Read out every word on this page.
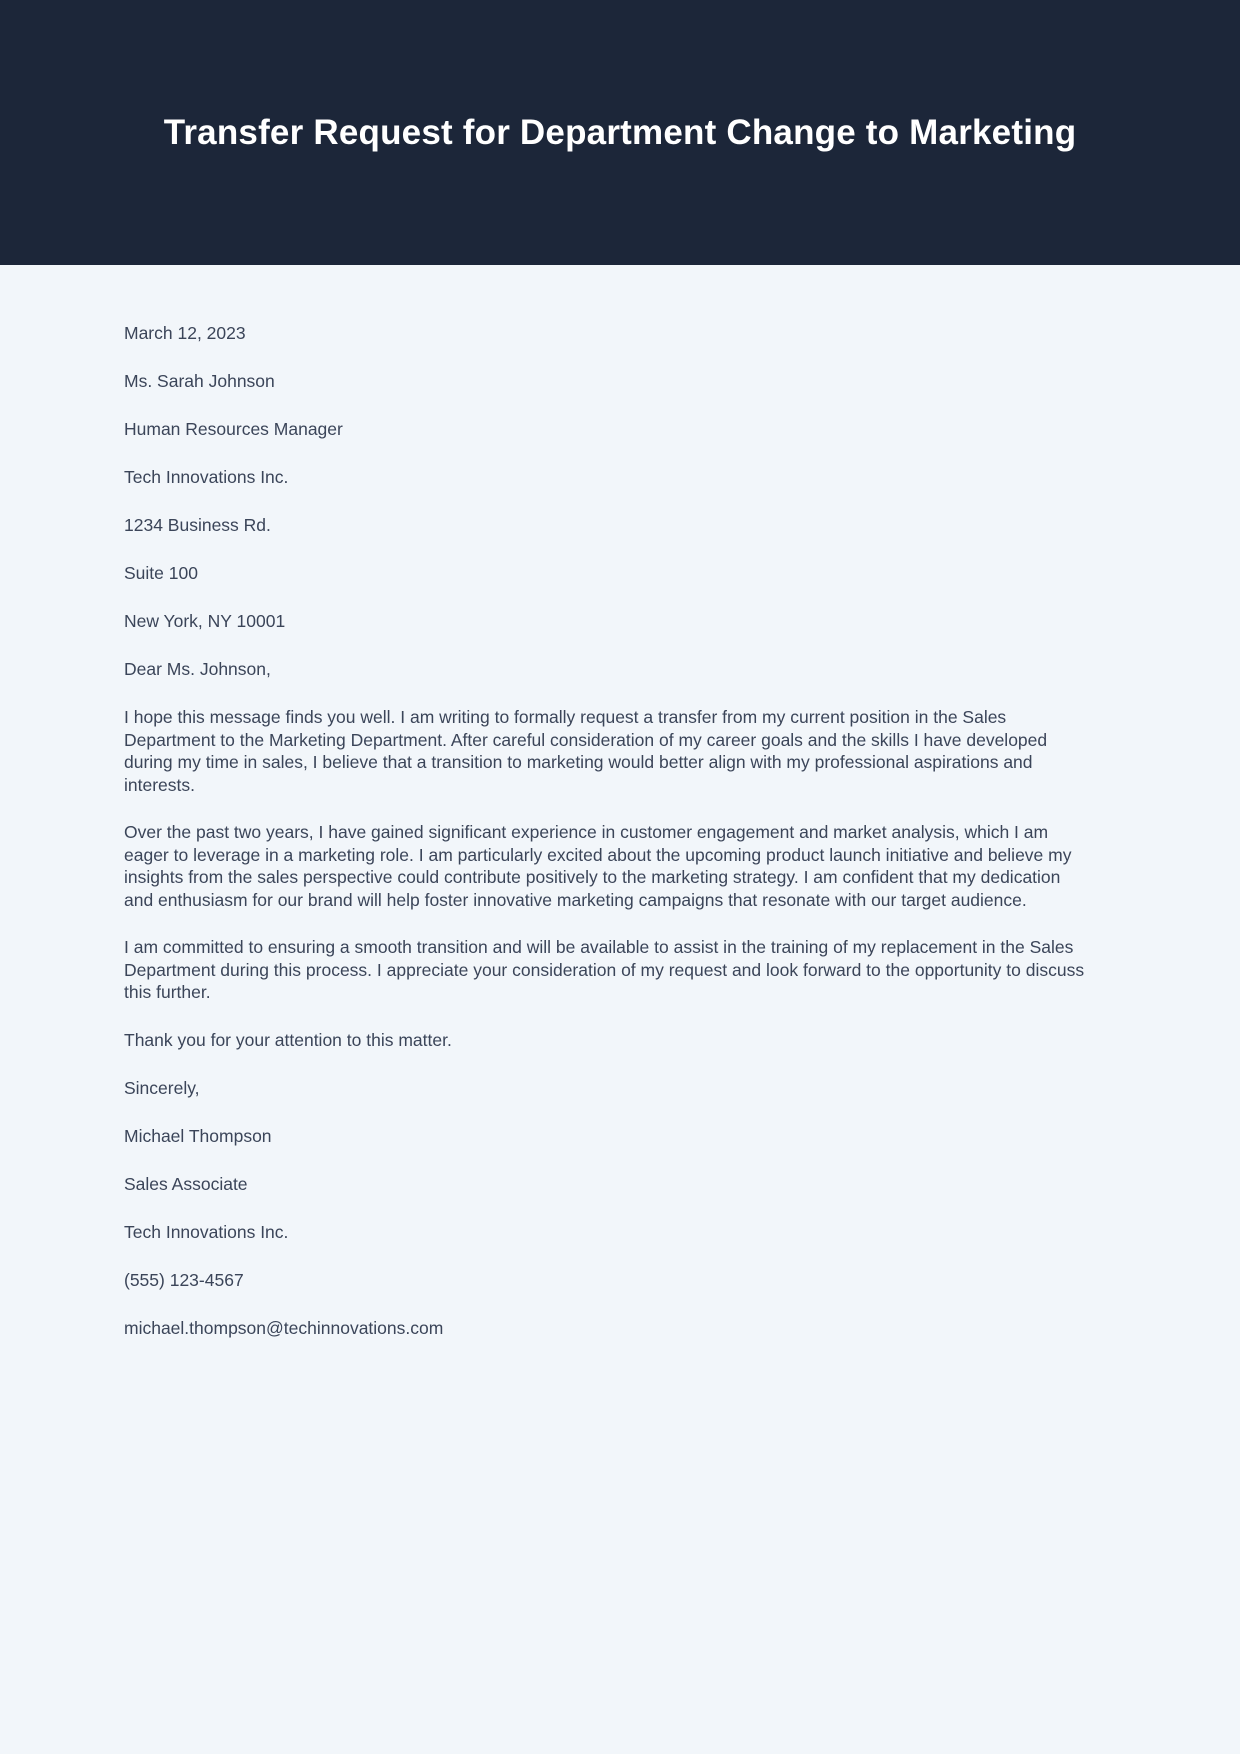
Transfer Request for Department Change to Marketing

March 12, 2023

Ms. Sarah Johnson

Human Resources Manager

Tech Innovations Inc.

1234 Business Rd.

Suite 100

New York, NY 10001

Dear Ms. Johnson,

I hope this message finds you well. I am writing to formally request a transfer from my current position in the Sales Department to the Marketing Department. After careful consideration of my career goals and the skills I have developed during my time in sales, I believe that a transition to marketing would better align with my professional aspirations and interests.

Over the past two years, I have gained significant experience in customer engagement and market analysis, which I am eager to leverage in a marketing role. I am particularly excited about the upcoming product launch initiative and believe my insights from the sales perspective could contribute positively to the marketing strategy. I am confident that my dedication and enthusiasm for our brand will help foster innovative marketing campaigns that resonate with our target audience.

I am committed to ensuring a smooth transition and will be available to assist in the training of my replacement in the Sales Department during this process. I appreciate your consideration of my request and look forward to the opportunity to discuss this further.

Thank you for your attention to this matter.

Sincerely,

Michael Thompson

Sales Associate

Tech Innovations Inc.

(555) 123-4567

michael.thompson@techinnovations.com
